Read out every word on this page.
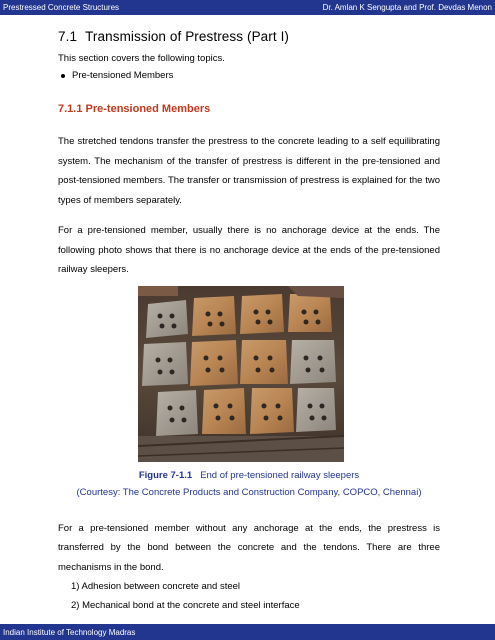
Prestressed Concrete Structures	Dr. Amlan K Sengupta and Prof. Devdas Menon
7.1 Transmission of Prestress (Part I)
This section covers the following topics.
Pre-tensioned Members
7.1.1 Pre-tensioned Members

The stretched tendons transfer the prestress to the concrete leading to a self equilibrating system. The mechanism of the transfer of prestress is different in the pre-tensioned and post-tensioned members. The transfer or transmission of prestress is explained for the two types of members separately.

For a pre-tensioned member, usually there is no anchorage device at the ends. The following photo shows that there is no anchorage device at the ends of the pre-tensioned railway sleepers.

Figure 7-1.1 End of pre-tensioned railway sleepers
(Courtesy: The Concrete Products and Construction Company, COPCO, Chennai)

For a pre-tensioned member without any anchorage at the ends, the prestress is transferred by the bond between the concrete and the tendons. There are three mechanisms in the bond.

1) Adhesion between concrete and steel
2) Mechanical bond at the concrete and steel interface
Indian Institute of Technology Madras
